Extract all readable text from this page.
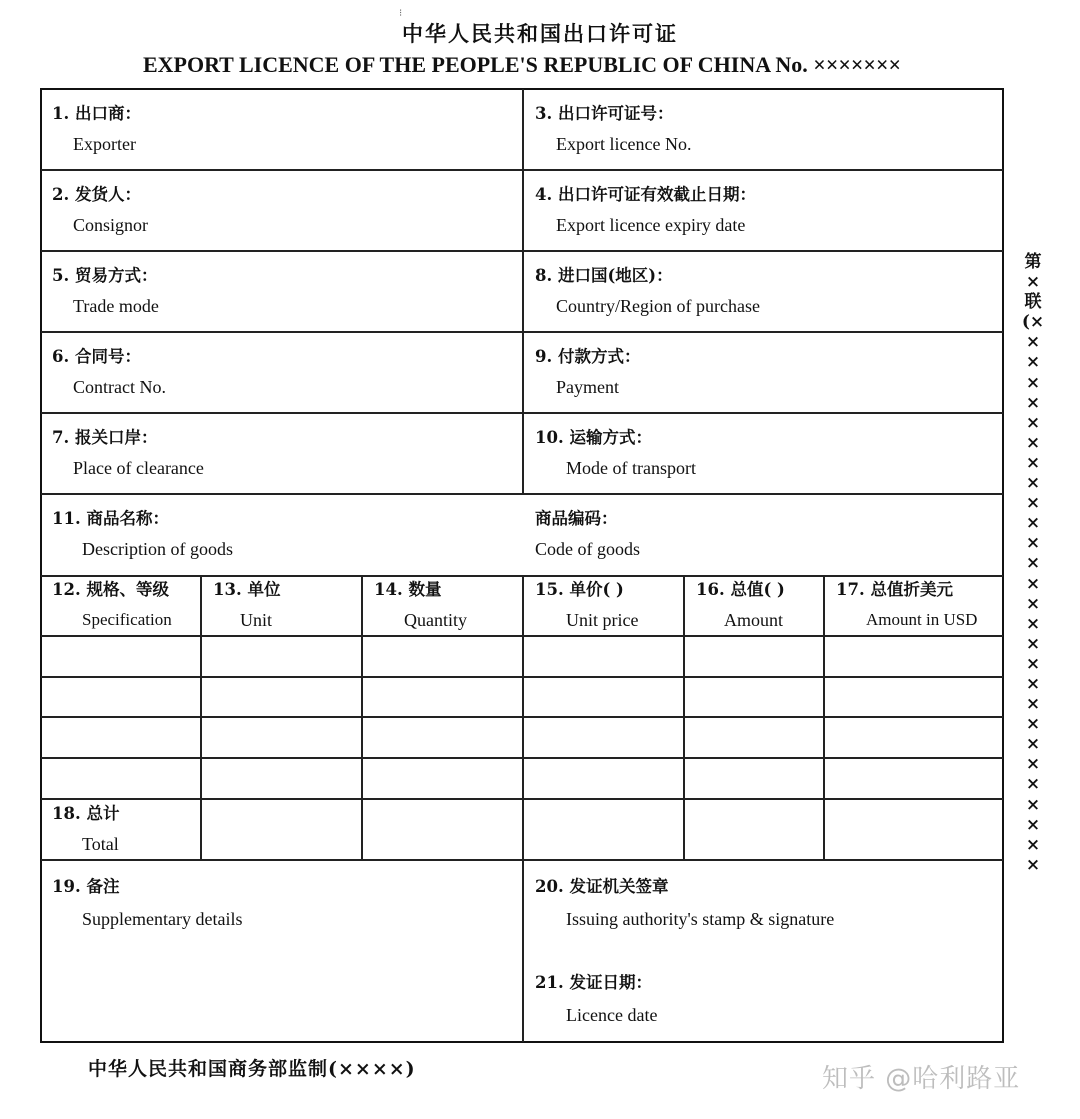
⁝
中华人民共和国出口许可证
EXPORT LICENCE OF THE PEOPLE'S REPUBLIC OF CHINA No. ×××××××
1. 出口商：
Exporter
3. 出口许可证号：
Export licence No.
2. 发货人：
Consignor
4. 出口许可证有效截止日期：
Export licence expiry date
5. 贸易方式：
Trade mode
8. 进口国(地区)：
Country/Region of purchase
6. 合同号：
Contract No.
9. 付款方式：
Payment
7. 报关口岸：
Place of clearance
10. 运输方式：
Mode of transport
11. 商品名称：
Description of goods
商品编码：
Code of goods
12. 规格、等级
Specification
13. 单位
Unit
14. 数量
Quantity
15. 单价( )
Unit price
16. 总值( )
Amount
17. 总值折美元
Amount in USD
18. 总计
Total
19. 备注
Supplementary details
20. 发证机关签章
Issuing authority's stamp & signature
21. 发证日期：
Licence date
第×联(××××××××××××××××××××××××××××
中华人民共和国商务部监制(××××)	知乎 @哈利路亚
